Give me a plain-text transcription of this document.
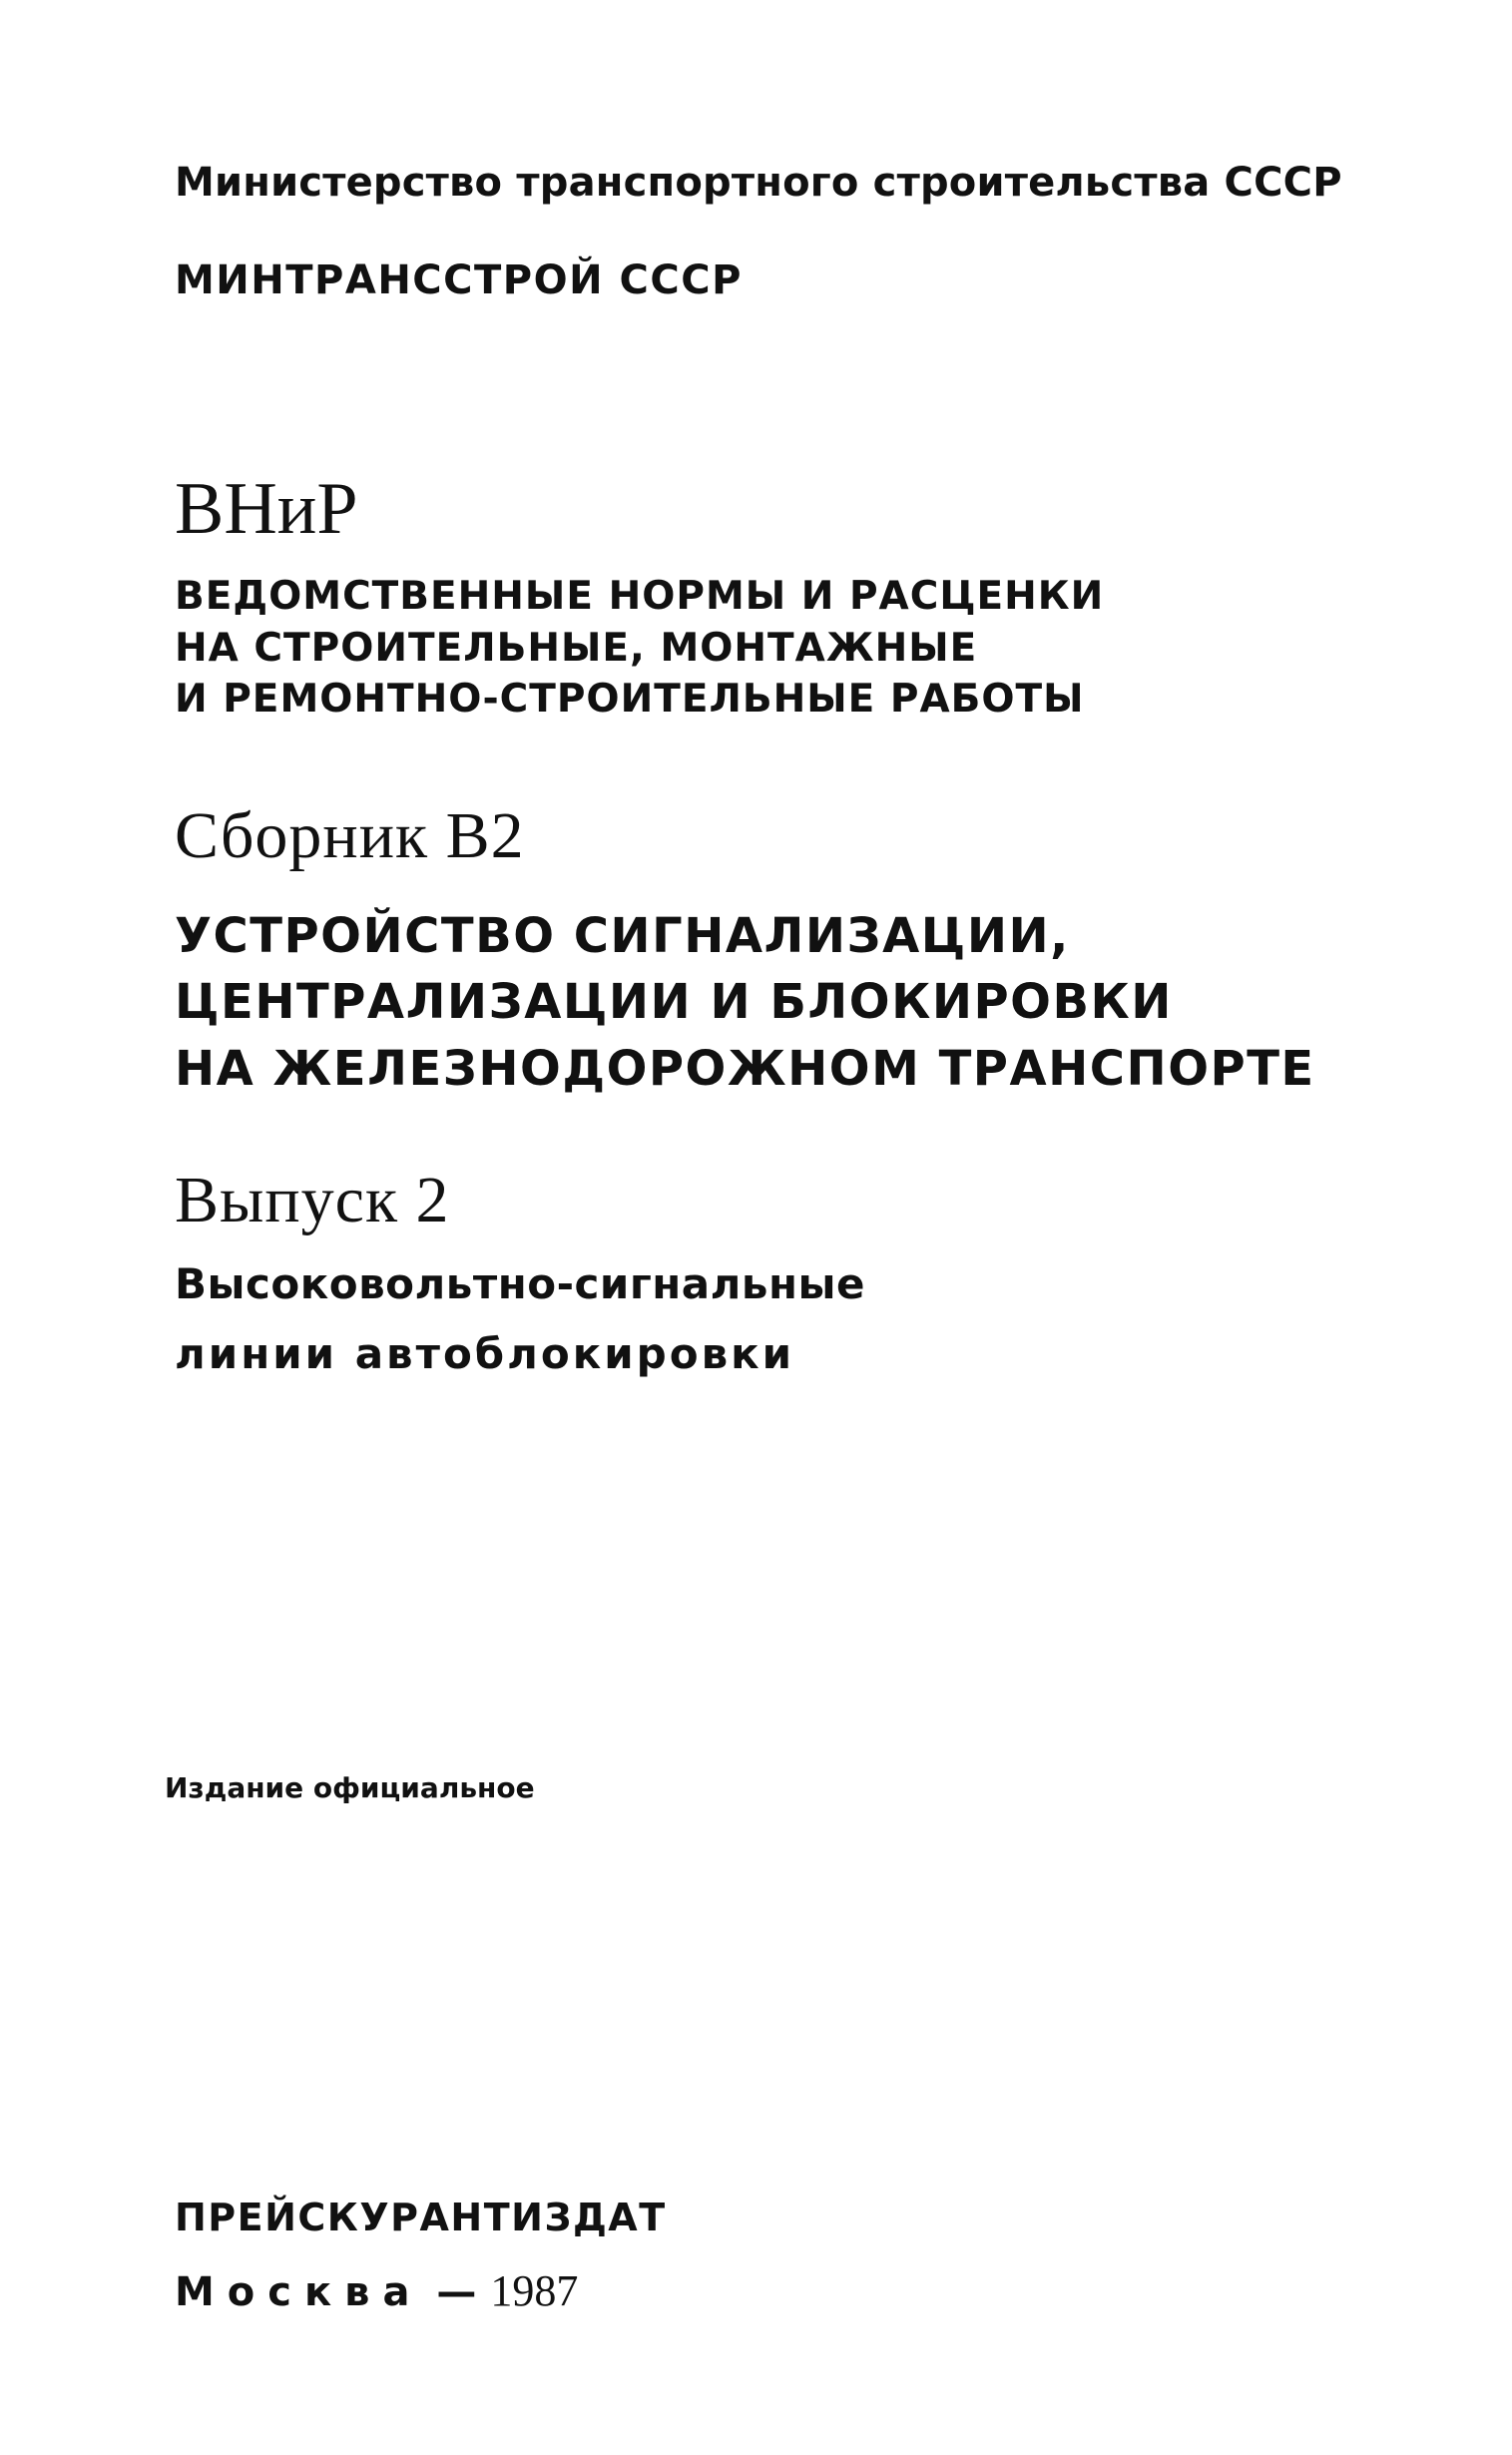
Министерство транспортного строительства СССР

МИНТРАНССТРОЙ СССР

ВНиР

ВЕДОМСТВЕННЫЕ НОРМЫ И РАСЦЕНКИ

НА СТРОИТЕЛЬНЫЕ, МОНТАЖНЫЕ

И РЕМОНТНО-СТРОИТЕЛЬНЫЕ РАБОТЫ

Сборник В2

УСТРОЙСТВО СИГНАЛИЗАЦИИ,

ЦЕНТРАЛИЗАЦИИ И БЛОКИРОВКИ

НА ЖЕЛЕЗНОДОРОЖНОМ ТРАНСПОРТЕ

Выпуск 2

Высоковольтно-сигнальные

линии автоблокировки

Издание официальное

ПРЕЙСКУРАНТИЗДАТ

Москва — 1987
